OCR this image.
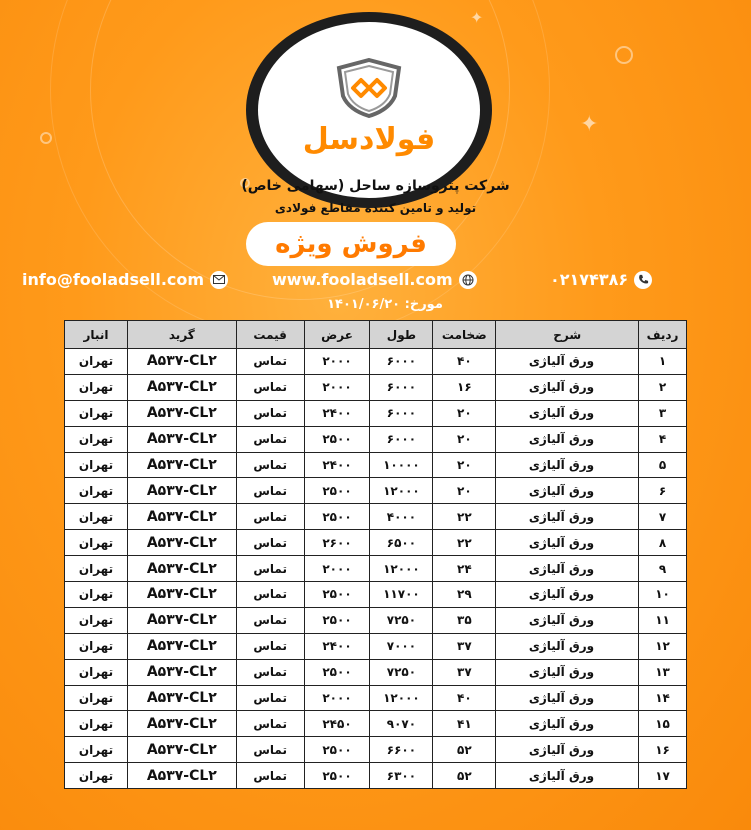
✦
✦
فولادسل
شرکت پتروسازه ساحل (سهامی خاص)
تولید و تامین کننده مقاطع فولادی
فروش ویژه
info@fooladsell.com	www.fooladsell.com	۰۲۱۷۴۳۸۶
مورخ: ۱۴۰۱/۰۶/۲۰
ردیف	شرح	ضخامت	طول	عرض	قیمت	گرید	انبار
۱	ورق آلیاژی	۴۰	۶۰۰۰	۲۰۰۰	تماس	A۵۳۷-CL۲	تهران
۲	ورق آلیاژی	۱۶	۶۰۰۰	۲۰۰۰	تماس	A۵۳۷-CL۲	تهران
۳	ورق آلیاژی	۲۰	۶۰۰۰	۲۴۰۰	تماس	A۵۳۷-CL۲	تهران
۴	ورق آلیاژی	۲۰	۶۰۰۰	۲۵۰۰	تماس	A۵۳۷-CL۲	تهران
۵	ورق آلیاژی	۲۰	۱۰۰۰۰	۲۴۰۰	تماس	A۵۳۷-CL۲	تهران
۶	ورق آلیاژی	۲۰	۱۲۰۰۰	۲۵۰۰	تماس	A۵۳۷-CL۲	تهران
۷	ورق آلیاژی	۲۲	۴۰۰۰	۲۵۰۰	تماس	A۵۳۷-CL۲	تهران
۸	ورق آلیاژی	۲۲	۶۵۰۰	۲۶۰۰	تماس	A۵۳۷-CL۲	تهران
۹	ورق آلیاژی	۲۴	۱۲۰۰۰	۲۰۰۰	تماس	A۵۳۷-CL۲	تهران
۱۰	ورق آلیاژی	۲۹	۱۱۷۰۰	۲۵۰۰	تماس	A۵۳۷-CL۲	تهران
۱۱	ورق آلیاژی	۳۵	۷۲۵۰	۲۵۰۰	تماس	A۵۳۷-CL۲	تهران
۱۲	ورق آلیاژی	۳۷	۷۰۰۰	۲۴۰۰	تماس	A۵۳۷-CL۲	تهران
۱۳	ورق آلیاژی	۳۷	۷۲۵۰	۲۵۰۰	تماس	A۵۳۷-CL۲	تهران
۱۴	ورق آلیاژی	۴۰	۱۲۰۰۰	۲۰۰۰	تماس	A۵۳۷-CL۲	تهران
۱۵	ورق آلیاژی	۴۱	۹۰۷۰	۲۴۵۰	تماس	A۵۳۷-CL۲	تهران
۱۶	ورق آلیاژی	۵۲	۶۶۰۰	۲۵۰۰	تماس	A۵۳۷-CL۲	تهران
۱۷	ورق آلیاژی	۵۲	۶۳۰۰	۲۵۰۰	تماس	A۵۳۷-CL۲	تهران
